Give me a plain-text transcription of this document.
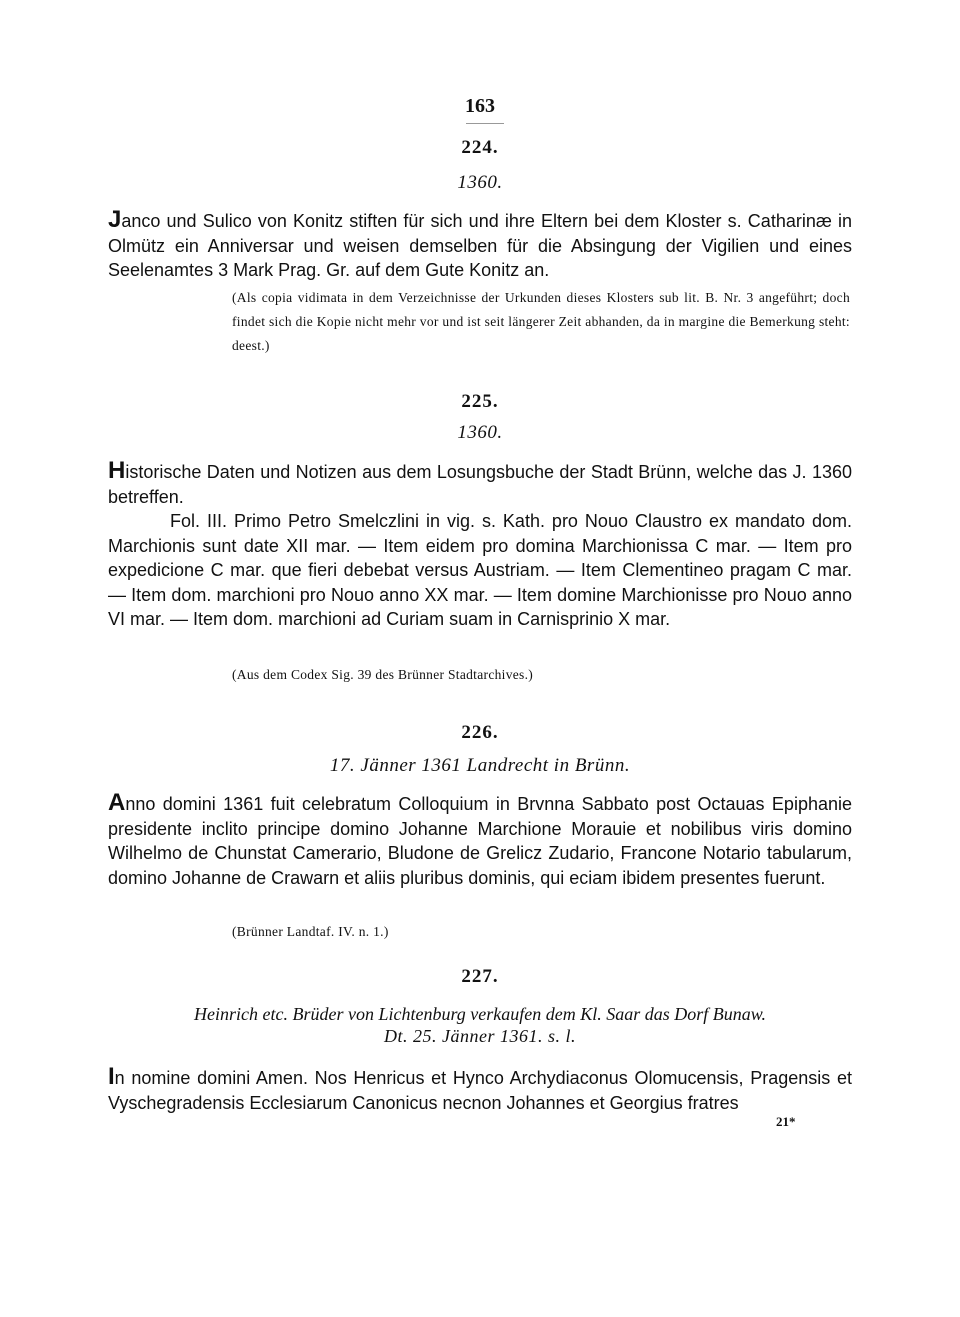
163
224.
1360.
Janco und Sulico von Konitz stiften für sich und ihre Eltern bei dem Kloster s. Catharinæ in Olmütz ein Anniversar und weisen demselben für die Absingung der Vigilien und eines Seelenamtes 3 Mark Prag. Gr. auf dem Gute Konitz an.
(Als copia vidimata in dem Verzeichnisse der Urkunden dieses Klosters sub lit. B. Nr. 3 angeführt; doch findet sich die Kopie nicht mehr vor und ist seit längerer Zeit abhanden, da in margine die Bemerkung steht: deest.)
225.
1360.
Historische Daten und Notizen aus dem Losungsbuche der Stadt Brünn, welche das J. 1360 betreffen.
Fol. III. Primo Petro Smelczlini in vig. s. Kath. pro Nouo Claustro ex mandato dom. Marchionis sunt date XII mar. — Item eidem pro domina Marchionissa C mar. — Item pro expedicione C mar. que fieri debebat versus Austriam. — Item Clementineo pragam C mar. — Item dom. marchioni pro Nouo anno XX mar. — Item domine Marchionisse pro Nouo anno VI mar. — Item dom. marchioni ad Curiam suam in Carnisprinio X mar.
(Aus dem Codex Sig. 39 des Brünner Stadtarchives.)
226.
17. Jänner 1361 Landrecht in Brünn.
Anno domini 1361 fuit celebratum Colloquium in Brvnna Sabbato post Octauas Epiphanie presidente inclito principe domino Johanne Marchione Morauie et nobilibus viris domino Wilhelmo de Chunstat Camerario, Bludone de Grelicz Zudario, Francone Notario tabularum, domino Johanne de Crawarn et aliis pluribus dominis, qui eciam ibidem presentes fuerunt.
(Brünner Landtaf. IV. n. 1.)
227.
Heinrich etc. Brüder von Lichtenburg verkaufen dem Kl. Saar das Dorf Bunaw.
Dt. 25. Jänner 1361. s. l.
In nomine domini Amen. Nos Henricus et Hynco Archydiaconus Olomucensis, Pragensis et Vyschegradensis Ecclesiarum Canonicus necnon Johannes et Georgius fratres
21*
